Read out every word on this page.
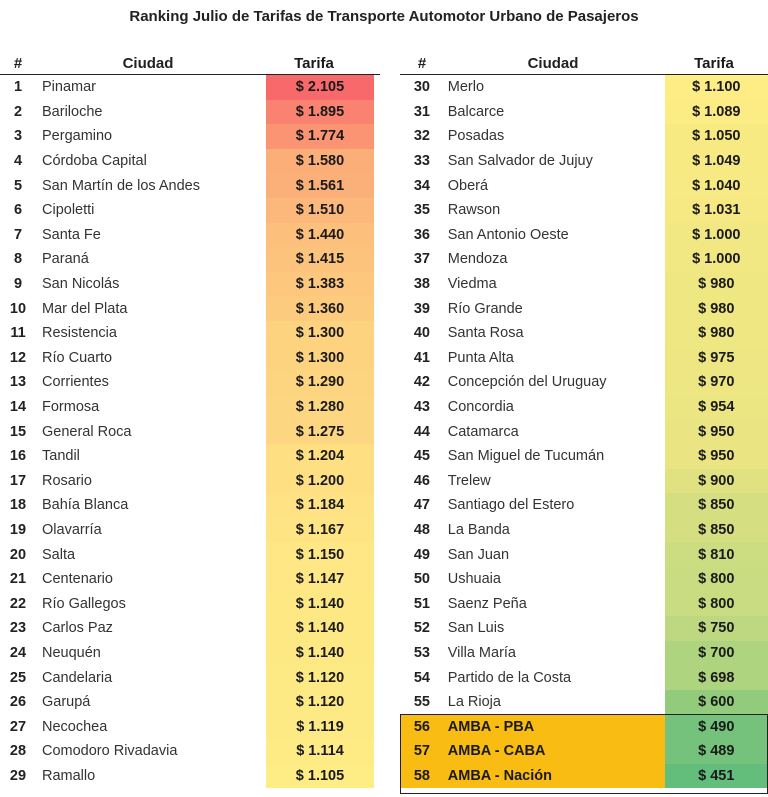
Ranking Julio de Tarifas de Transporte Automotor Urbano de Pasajeros
#	Ciudad	Tarifa
1	Pinamar	$ 2.105
2	Bariloche	$ 1.895
3	Pergamino	$ 1.774
4	Córdoba Capital	$ 1.580
5	San Martín de los Andes	$ 1.561
6	Cipoletti	$ 1.510
7	Santa Fe	$ 1.440
8	Paraná	$ 1.415
9	San Nicolás	$ 1.383
10	Mar del Plata	$ 1.360
11	Resistencia	$ 1.300
12	Río Cuarto	$ 1.300
13	Corrientes	$ 1.290
14	Formosa	$ 1.280
15	General Roca	$ 1.275
16	Tandil	$ 1.204
17	Rosario	$ 1.200
18	Bahía Blanca	$ 1.184
19	Olavarría	$ 1.167
20	Salta	$ 1.150
21	Centenario	$ 1.147
22	Río Gallegos	$ 1.140
23	Carlos Paz	$ 1.140
24	Neuquén	$ 1.140
25	Candelaria	$ 1.120
26	Garupá	$ 1.120
27	Necochea	$ 1.119
28	Comodoro Rivadavia	$ 1.114
29	Ramallo	$ 1.105
#	Ciudad	Tarifa
30	Merlo	$ 1.100
31	Balcarce	$ 1.089
32	Posadas	$ 1.050
33	San Salvador de Jujuy	$ 1.049
34	Oberá	$ 1.040
35	Rawson	$ 1.031
36	San Antonio Oeste	$ 1.000
37	Mendoza	$ 1.000
38	Viedma	$ 980
39	Río Grande	$ 980
40	Santa Rosa	$ 980
41	Punta Alta	$ 975
42	Concepción del Uruguay	$ 970
43	Concordia	$ 954
44	Catamarca	$ 950
45	San Miguel de Tucumán	$ 950
46	Trelew	$ 900
47	Santiago del Estero	$ 850
48	La Banda	$ 850
49	San Juan	$ 810
50	Ushuaia	$ 800
51	Saenz Peña	$ 800
52	San Luis	$ 750
53	Villa María	$ 700
54	Partido de la Costa	$ 698
55	La Rioja	$ 600
56	AMBA - PBA	$ 490
57	AMBA - CABA	$ 489
58	AMBA - Nación	$ 451
